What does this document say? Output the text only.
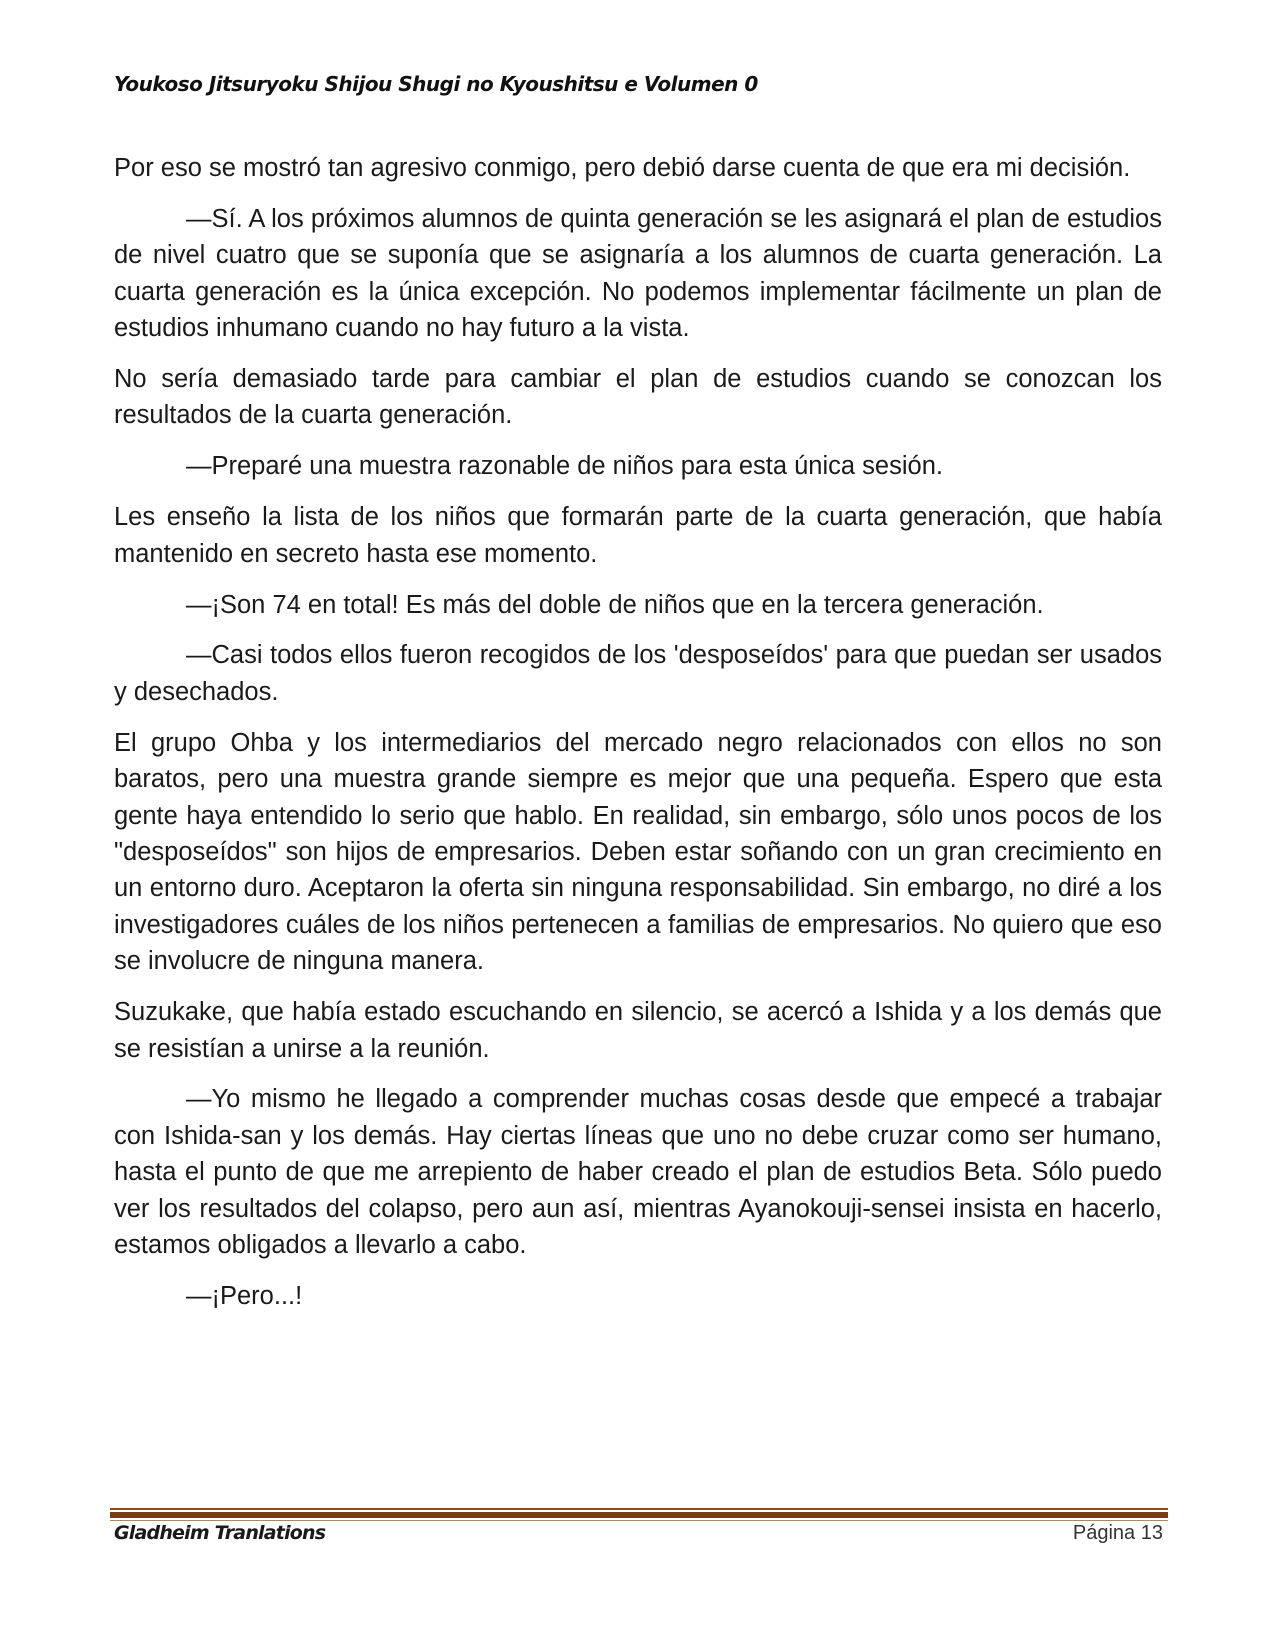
Youkoso Jitsuryoku Shijou Shugi no Kyoushitsu e Volumen 0

Por eso se mostró tan agresivo conmigo, pero debió darse cuenta de que era mi decisión.

—Sí. A los próximos alumnos de quinta generación se les asignará el plan de estudios de nivel cuatro que se suponía que se asignaría a los alumnos de cuarta generación. La cuarta generación es la única excepción. No podemos implementar fácilmente un plan de estudios inhumano cuando no hay futuro a la vista.

No sería demasiado tarde para cambiar el plan de estudios cuando se conozcan los resultados de la cuarta generación.

—Preparé una muestra razonable de niños para esta única sesión.

Les enseño la lista de los niños que formarán parte de la cuarta generación, que había mantenido en secreto hasta ese momento.

—¡Son 74 en total! Es más del doble de niños que en la tercera generación.

—Casi todos ellos fueron recogidos de los 'desposeídos' para que puedan ser usados y desechados.

El grupo Ohba y los intermediarios del mercado negro relacionados con ellos no son baratos, pero una muestra grande siempre es mejor que una pequeña. Espero que esta gente haya entendido lo serio que hablo. En realidad, sin embargo, sólo unos pocos de los "desposeídos" son hijos de empresarios. Deben estar soñando con un gran crecimiento en un entorno duro. Aceptaron la oferta sin ninguna responsabilidad. Sin embargo, no diré a los investigadores cuáles de los niños pertenecen a familias de empresarios. No quiero que eso se involucre de ninguna manera.

Suzukake, que había estado escuchando en silencio, se acercó a Ishida y a los demás que se resistían a unirse a la reunión.

—Yo mismo he llegado a comprender muchas cosas desde que empecé a trabajar con Ishida-san y los demás. Hay ciertas líneas que uno no debe cruzar como ser humano, hasta el punto de que me arrepiento de haber creado el plan de estudios Beta. Sólo puedo ver los resultados del colapso, pero aun así, mientras Ayanokouji-sensei insista en hacerlo, estamos obligados a llevarlo a cabo.

—¡Pero...!

Gladheim Tranlations	Página 13
